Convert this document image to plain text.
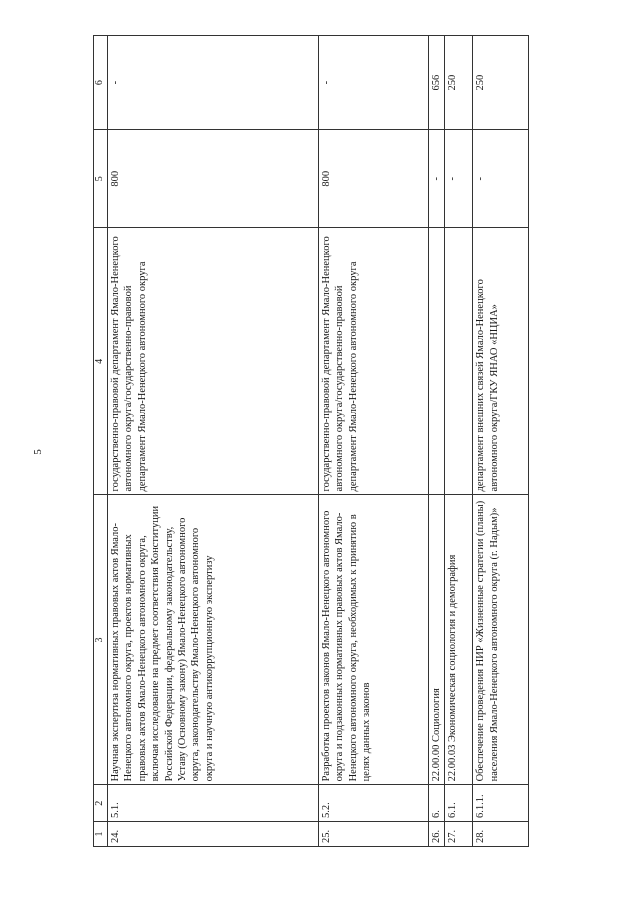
5
1	2	3	4	5	6
24.	5.1.	Научная экспертиза нормативных правовых актов Ямало-Ненецкого автономного округа, проектов нормативных правовых актов Ямало-Ненецкого автономного округа, включая исследование на предмет соответствия Конституции Российской Федерации, федеральному законодательству, Уставу (Основному закону) Ямало-Ненецкого автономного округа, законодательству Ямало-Ненецкого автономного округа и научную антикоррупционную экспертизу	государственно-правовой департамент Ямало-Ненецкого автономного округа/государственно-правовой департамент Ямало-Ненецкого автономного округа	800	-
25.	5.2.	Разработка проектов законов Ямало-Ненецкого автономного округа и подзаконных нормативных правовых актов Ямало-Ненецкого автономного округа, необходимых к принятию в целях данных законов	государственно-правовой департамент Ямало-Ненецкого автономного округа/государственно-правовой департамент Ямало-Ненецкого автономного округа	800	-
26.	6.	22.00.00 Социология		-	656
27.	6.1.	22.00.03 Экономическая социология и демография		-	250
28.	6.1.1.	Обеспечение проведения НИР «Жизненные стратегии (планы) населения Ямало-Ненецкого автономного округа (г. Надым)»	департамент внешних связей Ямало-Ненецкого автономного округа/ГКУ ЯНАО «НЦИА»	-	250
